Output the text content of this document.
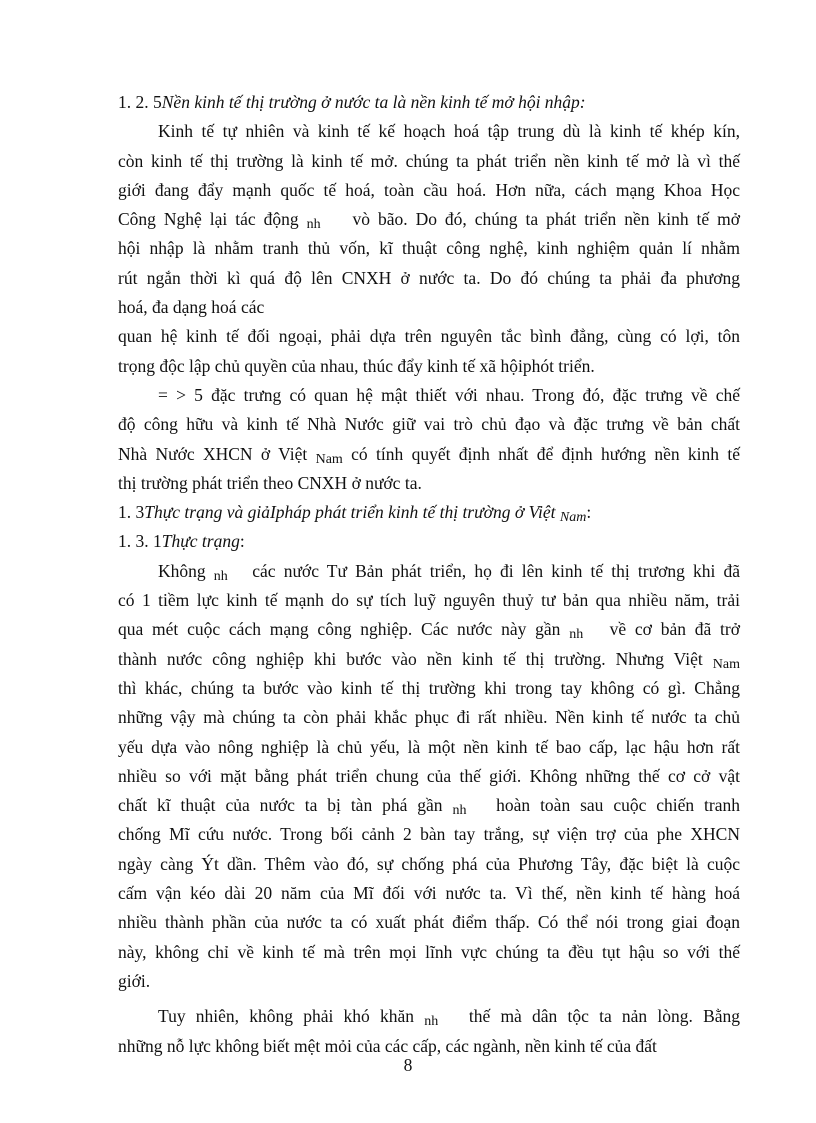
1. 2. 5Nền kinh tế thị trường ở nước ta là nền kinh tế mở hội nhập:
Kinh tế tự nhiên và kinh tế kế hoạch hoá tập trung dù là kinh tế khép kín,
còn kinh tế thị trường là kinh tế mở. chúng ta phát triển nền kinh tế mở là vì thế
giới đang đẩy mạnh quốc tế hoá, toàn cầu hoá. Hơn nữa, cách mạng Khoa Học
Công Nghệ lại tác động nh vò bão. Do đó, chúng ta phát triển nền kinh tế mở
hội nhập là nhằm tranh thủ vốn, kĩ thuật công nghệ, kinh nghiệm quản lí nhằm
rút ngắn thời kì quá độ lên CNXH ở nước ta. Do đó chúng ta phải đa phương
hoá, đa dạng hoá các
quan hệ kinh tế đối ngoại, phải dựa trên nguyên tắc bình đẳng, cùng có lợi, tôn
trọng độc lập chủ quyền của nhau, thúc đẩy kinh tế xã hộiphót triển.
= > 5 đặc trưng có quan hệ mật thiết với nhau. Trong đó, đặc trưng về chế
độ công hữu và kinh tế Nhà Nước giữ vai trò chủ đạo và đặc trưng về bản chất
Nhà Nước XHCN ở Việt Nam có tính quyết định nhất để định hướng nền kinh tế
thị trường phát triển theo CNXH ở nước ta.
1. 3Thực trạng và giảIpháp phát triển kinh tế thị trường ở Việt Nam:
1. 3. 1Thực trạng:
Không nh các nước Tư Bản phát triển, họ đi lên kinh tế thị trương khi đã
có 1 tiềm lực kinh tế mạnh do sự tích luỹ nguyên thuỷ tư bản qua nhiều năm, trải
qua mét cuộc cách mạng công nghiệp. Các nước này gần nh về cơ bản đã trở
thành nước công nghiệp khi bước vào nền kinh tế thị trường. Nhưng Việt Nam
thì khác, chúng ta bước vào kinh tế thị trường khi trong tay không có gì. Chẳng
những vậy mà chúng ta còn phải khắc phục đi rất nhiều. Nền kinh tế nước ta chủ
yếu dựa vào nông nghiệp là chủ yếu, là một nền kinh tế bao cấp, lạc hậu hơn rất
nhiều so với mặt bằng phát triển chung của thế giới. Không những thế cơ cở vật
chất kĩ thuật của nước ta bị tàn phá gần nh hoàn toàn sau cuộc chiến tranh
chống Mĩ cứu nước. Trong bối cảnh 2 bàn tay trắng, sự viện trợ của phe XHCN
ngày càng Ýt dần. Thêm vào đó, sự chống phá của Phương Tây, đặc biệt là cuộc
cấm vận kéo dài 20 năm của Mĩ đối với nước ta. Vì thế, nền kinh tế hàng hoá
nhiều thành phần của nước ta có xuất phát điểm thấp. Có thể nói trong giai đoạn
này, không chỉ về kinh tế mà trên mọi lĩnh vực chúng ta đều tụt hậu so với thế
giới.
Tuy nhiên, không phải khó khăn nh thế mà dân tộc ta nản lòng. Bằng
những nỗ lực không biết mệt mỏi của các cấp, các ngành, nền kinh tế của đất
8
